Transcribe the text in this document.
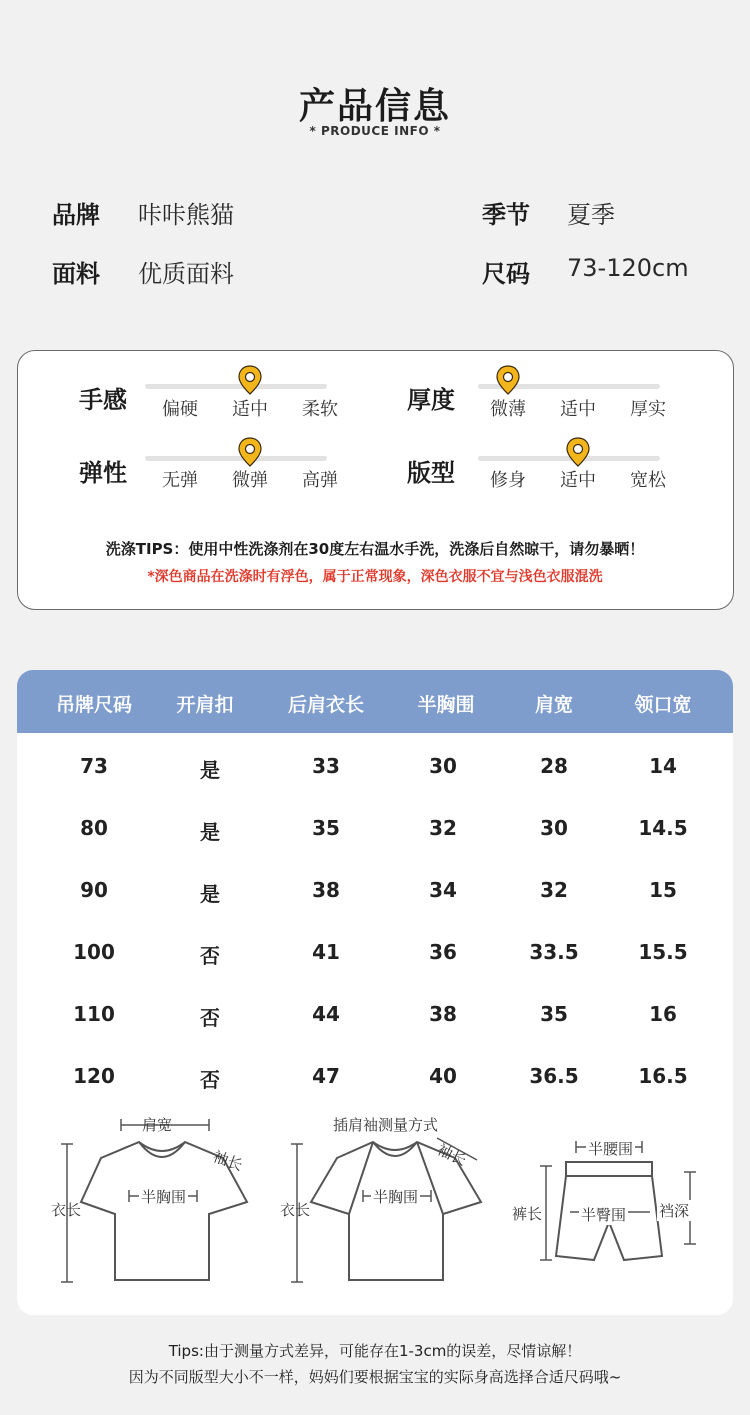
产品信息
* PRODUCE INFO *
品牌 咔咔熊猫	季节 夏季
面料 优质面料	尺码 73-120cm
手感	偏硬	适中	柔软	厚度	微薄	适中	厚实
弹性	无弹	微弹	高弹	版型	修身	适中	宽松
洗涤TIPS：使用中性洗涤剂在30度左右温水手洗，洗涤后自然晾干，请勿暴晒！
*深色商品在洗涤时有浮色，属于正常现象，深色衣服不宜与浅色衣服混洗
吊牌尺码	开肩扣	后肩衣长	半胸围	肩宽	领口宽
73	是	33	30	28	14
80	是	35	32	30	14.5
90	是	38	34	32	15
100	否	41	36	33.5	15.5
110	否	44	38	35	16
120	否	47	40	36.5	16.5
肩宽
袖长
衣长
半胸围
插肩袖测量方式
袖长
衣长
半胸围
半腰围
裤长	半臀围 裆深
Tips:由于测量方式差异，可能存在1-3cm的误差，尽情谅解！
因为不同版型大小不一样，妈妈们要根据宝宝的实际身高选择合适尺码哦~
